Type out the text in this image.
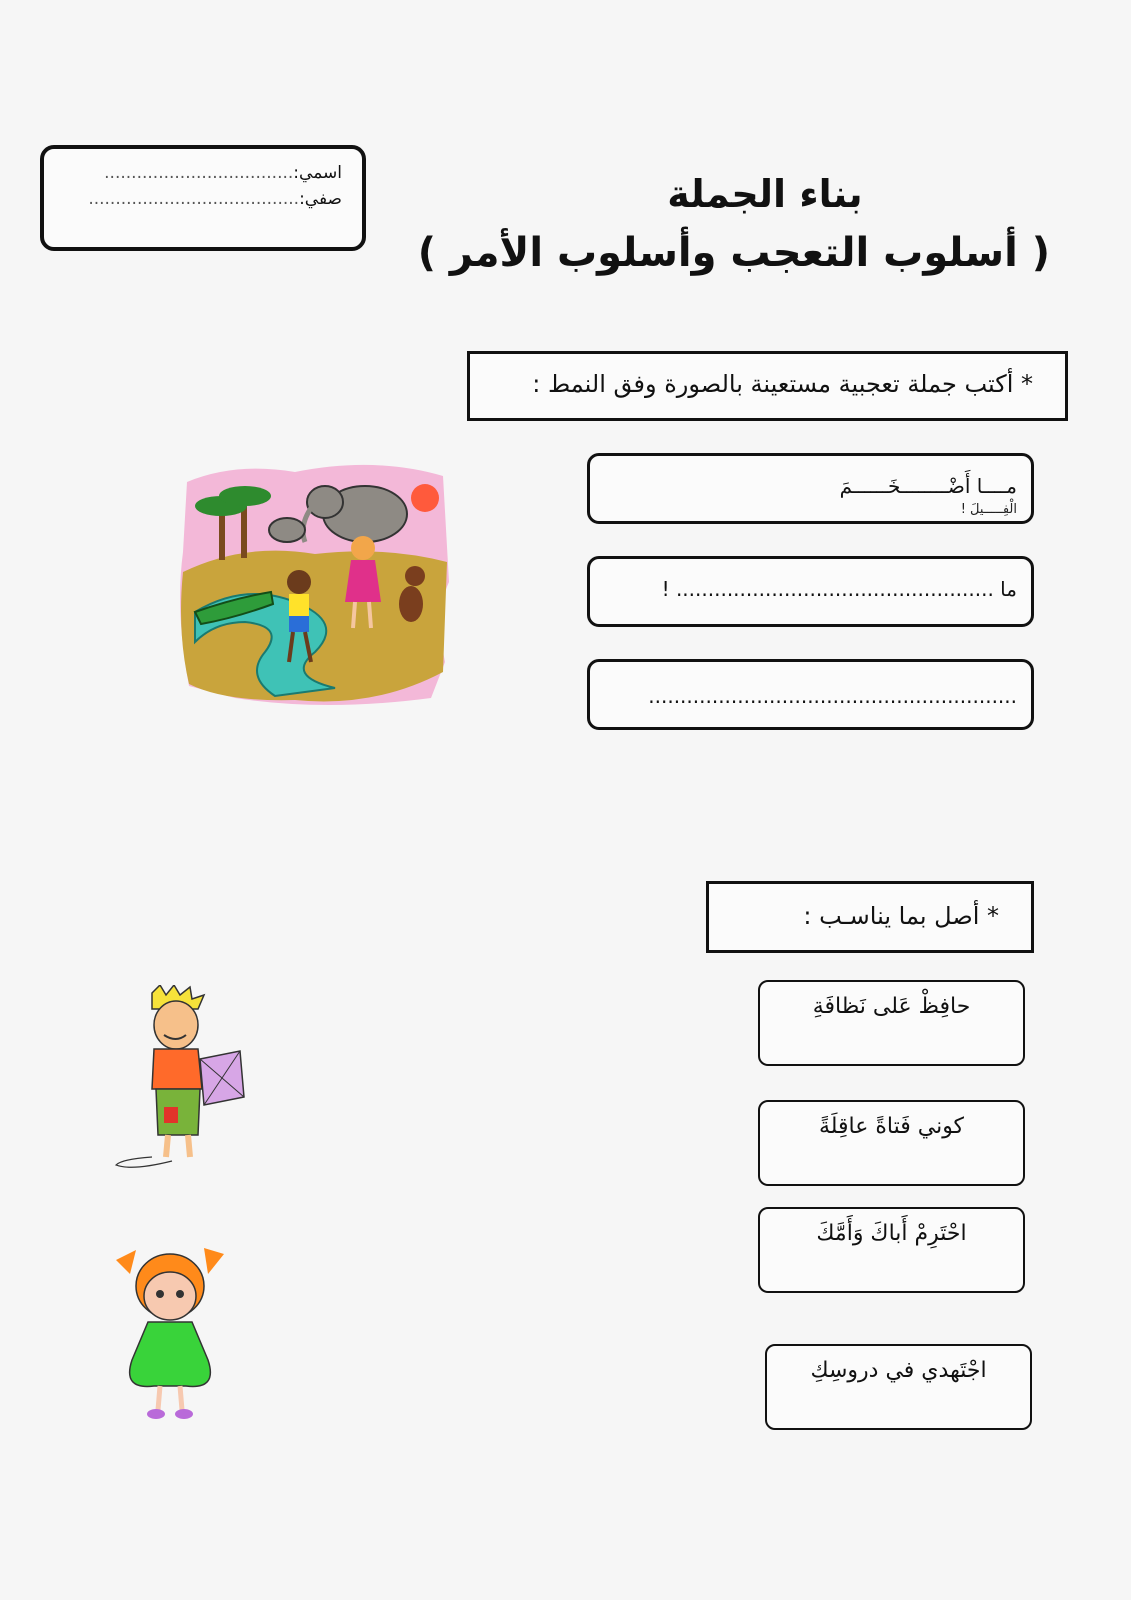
اسمي:...................................
صفي:.......................................	بناء الجملة
( أسلوب التعجب وأسلوب الأمر )
* أكتب جملة تعجبية مستعينة بالصورة وفق النمط :
مــــا أَضْــــــــخَــــــمَ
الْفِـــــيلَ !
ما .................................................. !
..........................................................
* أصل بما يناسـب :
حافِظْ عَلى نَظافَةِ
كوني فَتاةً عاقِلَةً
احْتَرِمْ أَباكَ وَأَمَّكَ
اجْتَهدي في دروسِكِ
